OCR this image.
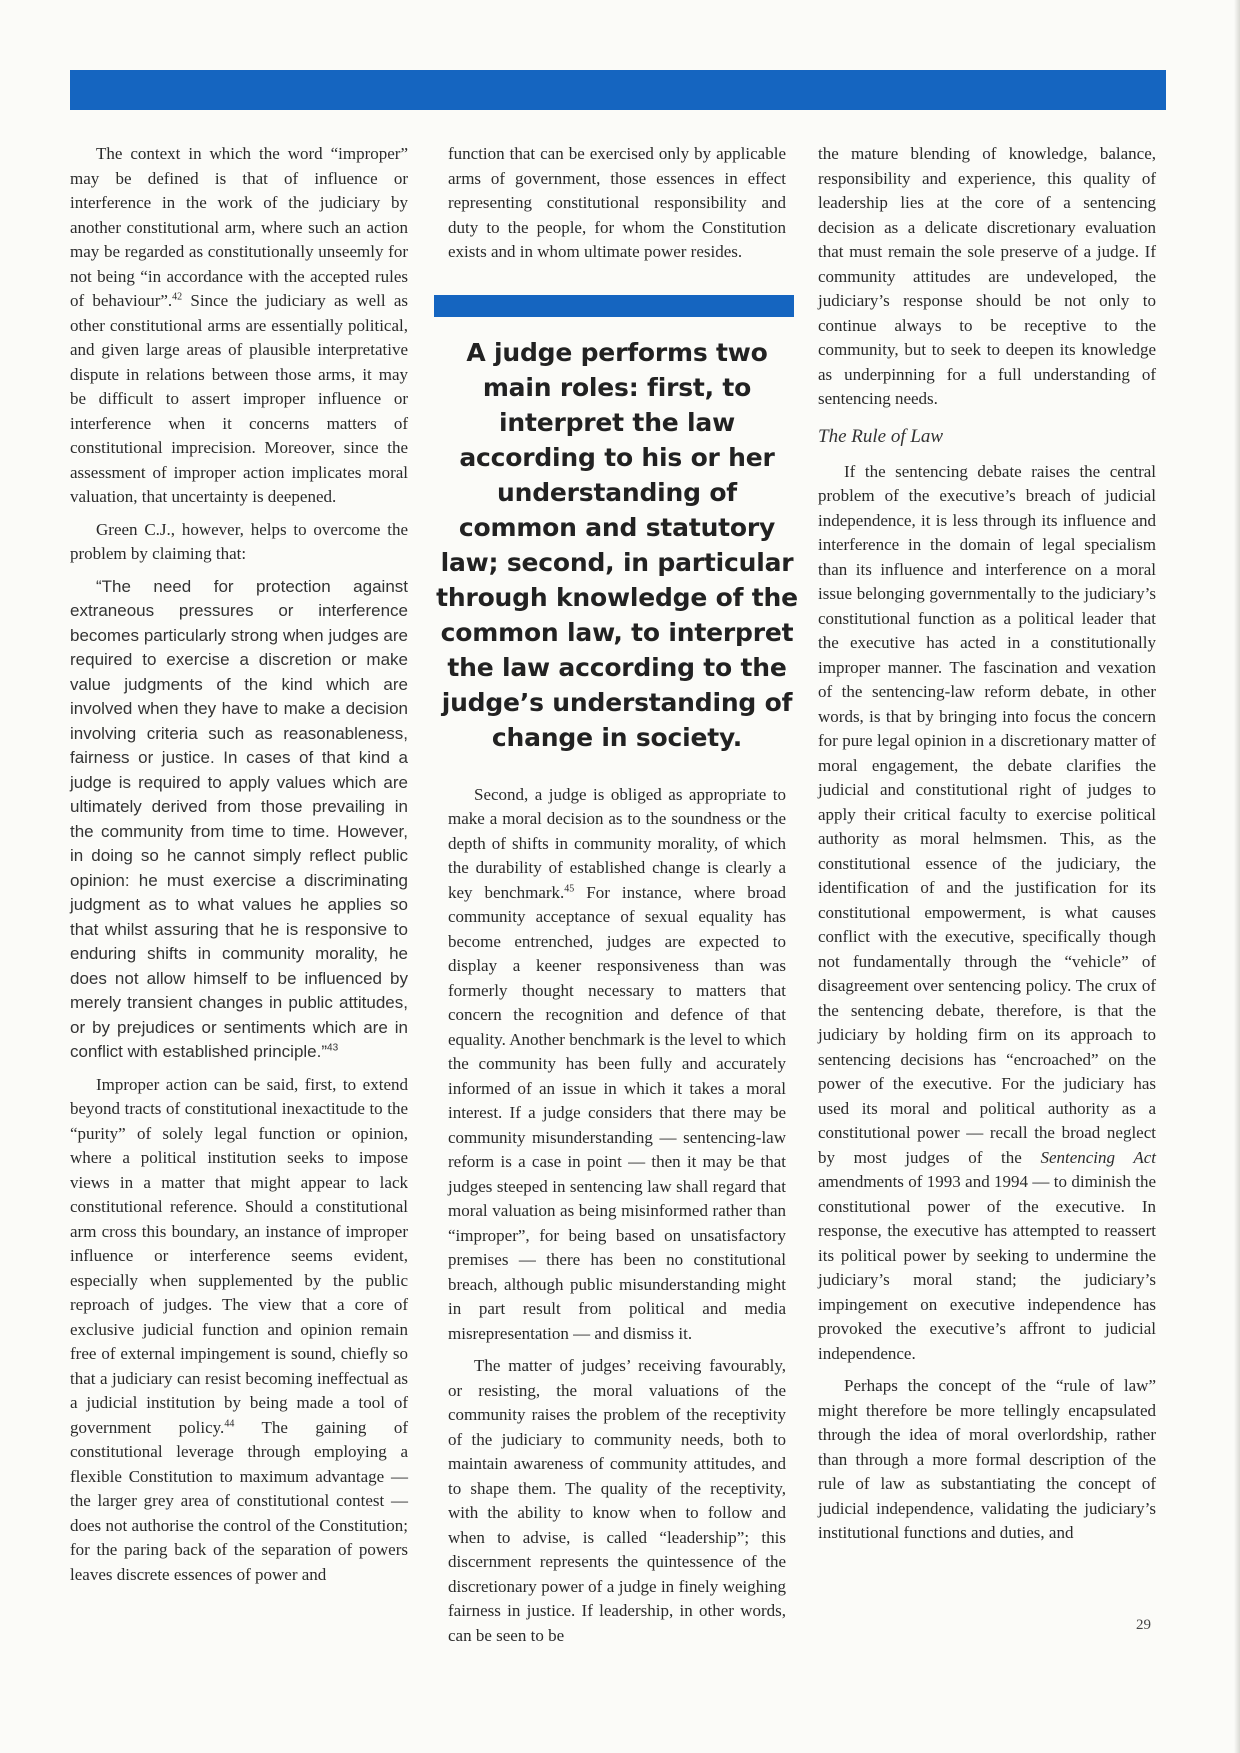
The context in which the word “improper” may be defined is that of influence or interference in the work of the judiciary by another constitutional arm, where such an action may be regarded as constitutionally unseemly for not being “in accordance with the accepted rules of behaviour”.$^{42}$ Since the judiciary as well as other constitutional arms are essentially political, and given large areas of plausible interpretative dispute in relations between those arms, it may be difficult to assert improper influence or interference when it concerns matters of constitutional imprecision. Moreover, since the assessment of improper action implicates moral valuation, that uncertainty is deepened.

Green C.J., however, helps to overcome the problem by claiming that:

“The need for protection against extraneous pressures or interference becomes particularly strong when judges are required to exercise a discretion or make value judgments of the kind which are involved when they have to make a decision involving criteria such as reasonableness, fairness or justice. In cases of that kind a judge is required to apply values which are ultimately derived from those prevailing in the community from time to time. However, in doing so he cannot simply reflect public opinion: he must exercise a discriminating judgment as to what values he applies so that whilst assuring that he is responsive to enduring shifts in community morality, he does not allow himself to be influenced by merely transient changes in public attitudes, or by prejudices or sentiments which are in conflict with established principle.”$^{43}$

Improper action can be said, first, to extend beyond tracts of constitutional inexactitude to the “purity” of solely legal function or opinion, where a political institution seeks to impose views in a matter that might appear to lack constitutional reference. Should a constitutional arm cross this boundary, an instance of improper influence or interference seems evident, especially when supplemented by the public reproach of judges. The view that a core of exclusive judicial function and opinion remain free of external impingement is sound, chiefly so that a judiciary can resist becoming ineffectual as a judicial institution by being made a tool of government policy.$^{44}$ The gaining of constitutional leverage through employing a flexible Constitution to maximum advantage — the larger grey area of constitutional contest — does not authorise the control of the Constitution; for the paring back of the separation of powers leaves discrete essences of power and

function that can be exercised only by applicable arms of government, those essences in effect representing constitutional responsibility and duty to the people, for whom the Constitution exists and in whom ultimate power resides.

A judge performs two main roles: first, to interpret the law according to his or her understanding of common and statutory law; second, in particular through knowledge of the common law, to interpret the law according to the judge’s understanding of change in society.

Second, a judge is obliged as appropriate to make a moral decision as to the soundness or the depth of shifts in community morality, of which the durability of established change is clearly a key benchmark.$^{45}$ For instance, where broad community acceptance of sexual equality has become entrenched, judges are expected to display a keener responsiveness than was formerly thought necessary to matters that concern the recognition and defence of that equality. Another benchmark is the level to which the community has been fully and accurately informed of an issue in which it takes a moral interest. If a judge considers that there may be community misunderstanding — sentencing-law reform is a case in point — then it may be that judges steeped in sentencing law shall regard that moral valuation as being misinformed rather than “improper”, for being based on unsatisfactory premises — there has been no constitutional breach, although public misunderstanding might in part result from political and media misrepresentation — and dismiss it.

The matter of judges’ receiving favourably, or resisting, the moral valuations of the community raises the problem of the receptivity of the judiciary to community needs, both to maintain awareness of community attitudes, and to shape them. The quality of the receptivity, with the ability to know when to follow and when to advise, is called “leadership”; this discernment represents the quintessence of the discretionary power of a judge in finely weighing fairness in justice. If leadership, in other words, can be seen to be

the mature blending of knowledge, balance, responsibility and experience, this quality of leadership lies at the core of a sentencing decision as a delicate discretionary evaluation that must remain the sole preserve of a judge. If community attitudes are undeveloped, the judiciary’s response should be not only to continue always to be receptive to the community, but to seek to deepen its knowledge as underpinning for a full understanding of sentencing needs.

The Rule of Law

If the sentencing debate raises the central problem of the executive’s breach of judicial independence, it is less through its influence and interference in the domain of legal specialism than its influence and interference on a moral issue belonging governmentally to the judiciary’s constitutional function as a political leader that the executive has acted in a constitutionally improper manner. The fascination and vexation of the sentencing-law reform debate, in other words, is that by bringing into focus the concern for pure legal opinion in a discretionary matter of moral engagement, the debate clarifies the judicial and constitutional right of judges to apply their critical faculty to exercise political authority as moral helmsmen. This, as the constitutional essence of the judiciary, the identification of and the justification for its constitutional empowerment, is what causes conflict with the executive, specifically though not fundamentally through the “vehicle” of disagreement over sentencing policy. The crux of the sentencing debate, therefore, is that the judiciary by holding firm on its approach to sentencing decisions has “encroached” on the power of the executive. For the judiciary has used its moral and political authority as a constitutional power — recall the broad neglect by most judges of the Sentencing Act amendments of 1993 and 1994 — to diminish the constitutional power of the executive. In response, the executive has attempted to reassert its political power by seeking to undermine the judiciary’s moral stand; the judiciary’s impingement on executive independence has provoked the executive’s affront to judicial independence.

Perhaps the concept of the “rule of law” might therefore be more tellingly encapsulated through the idea of moral overlordship, rather than through a more formal description of the rule of law as substantiating the concept of judicial independence, validating the judiciary’s institutional functions and duties, and

29
